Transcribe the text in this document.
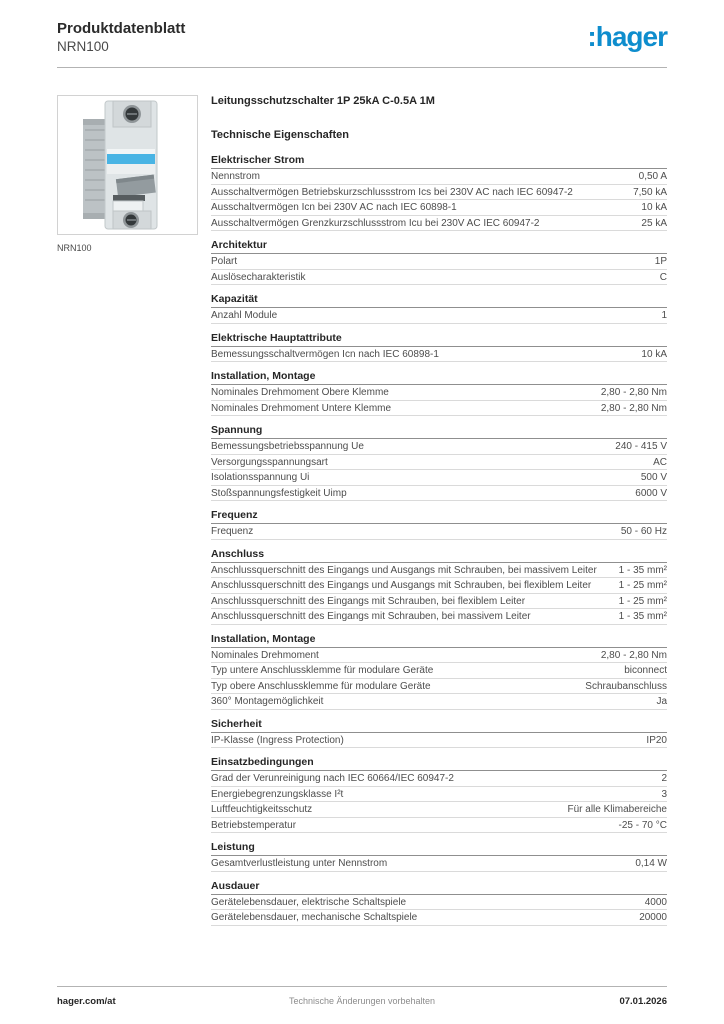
Produktdatenblatt
NRN100	:hager
NRN100
Leitungsschutzschalter 1P 25kA C-0.5A 1M
Technische Eigenschaften
Elektrischer Strom
Nennstrom	0,50 A
Ausschaltvermögen Betriebskurzschlussstrom Ics bei 230V AC nach IEC 60947-2	7,50 kA
Ausschaltvermögen Icn bei 230V AC nach IEC 60898-1	10 kA
Ausschaltvermögen Grenzkurzschlussstrom Icu bei 230V AC IEC 60947-2	25 kA
Architektur
Polart	1P
Auslösecharakteristik	C
Kapazität
Anzahl Module	1
Elektrische Hauptattribute
Bemessungsschaltvermögen Icn nach IEC 60898-1	10 kA
Installation, Montage
Nominales Drehmoment Obere Klemme	2,80 - 2,80 Nm
Nominales Drehmoment Untere Klemme	2,80 - 2,80 Nm
Spannung
Bemessungsbetriebsspannung Ue	240 - 415 V
Versorgungsspannungsart	AC
Isolationsspannung Ui	500 V
Stoßspannungsfestigkeit Uimp	6000 V
Frequenz
Frequenz	50 - 60 Hz
Anschluss
Anschlussquerschnitt des Eingangs und Ausgangs mit Schrauben, bei massivem Leiter	1 - 35 mm²
Anschlussquerschnitt des Eingangs und Ausgangs mit Schrauben, bei flexiblem Leiter	1 - 25 mm²
Anschlussquerschnitt des Eingangs mit Schrauben, bei flexiblem Leiter	1 - 25 mm²
Anschlussquerschnitt des Eingangs mit Schrauben, bei massivem Leiter	1 - 35 mm²
Installation, Montage
Nominales Drehmoment	2,80 - 2,80 Nm
Typ untere Anschlussklemme für modulare Geräte	biconnect
Typ obere Anschlussklemme für modulare Geräte	Schraubanschluss
360° Montagemöglichkeit	Ja
Sicherheit
IP-Klasse (Ingress Protection)	IP20
Einsatzbedingungen
Grad der Verunreinigung nach IEC 60664/IEC 60947-2	2
Energiebegrenzungsklasse I²t	3
Luftfeuchtigkeitsschutz	Für alle Klimabereiche
Betriebstemperatur	-25 - 70 °C
Leistung
Gesamtverlustleistung unter Nennstrom	0,14 W
Ausdauer
Gerätelebensdauer, elektrische Schaltspiele	4000
Gerätelebensdauer, mechanische Schaltspiele	20000
hager.com/at	Technische Änderungen vorbehalten	07.01.2026
